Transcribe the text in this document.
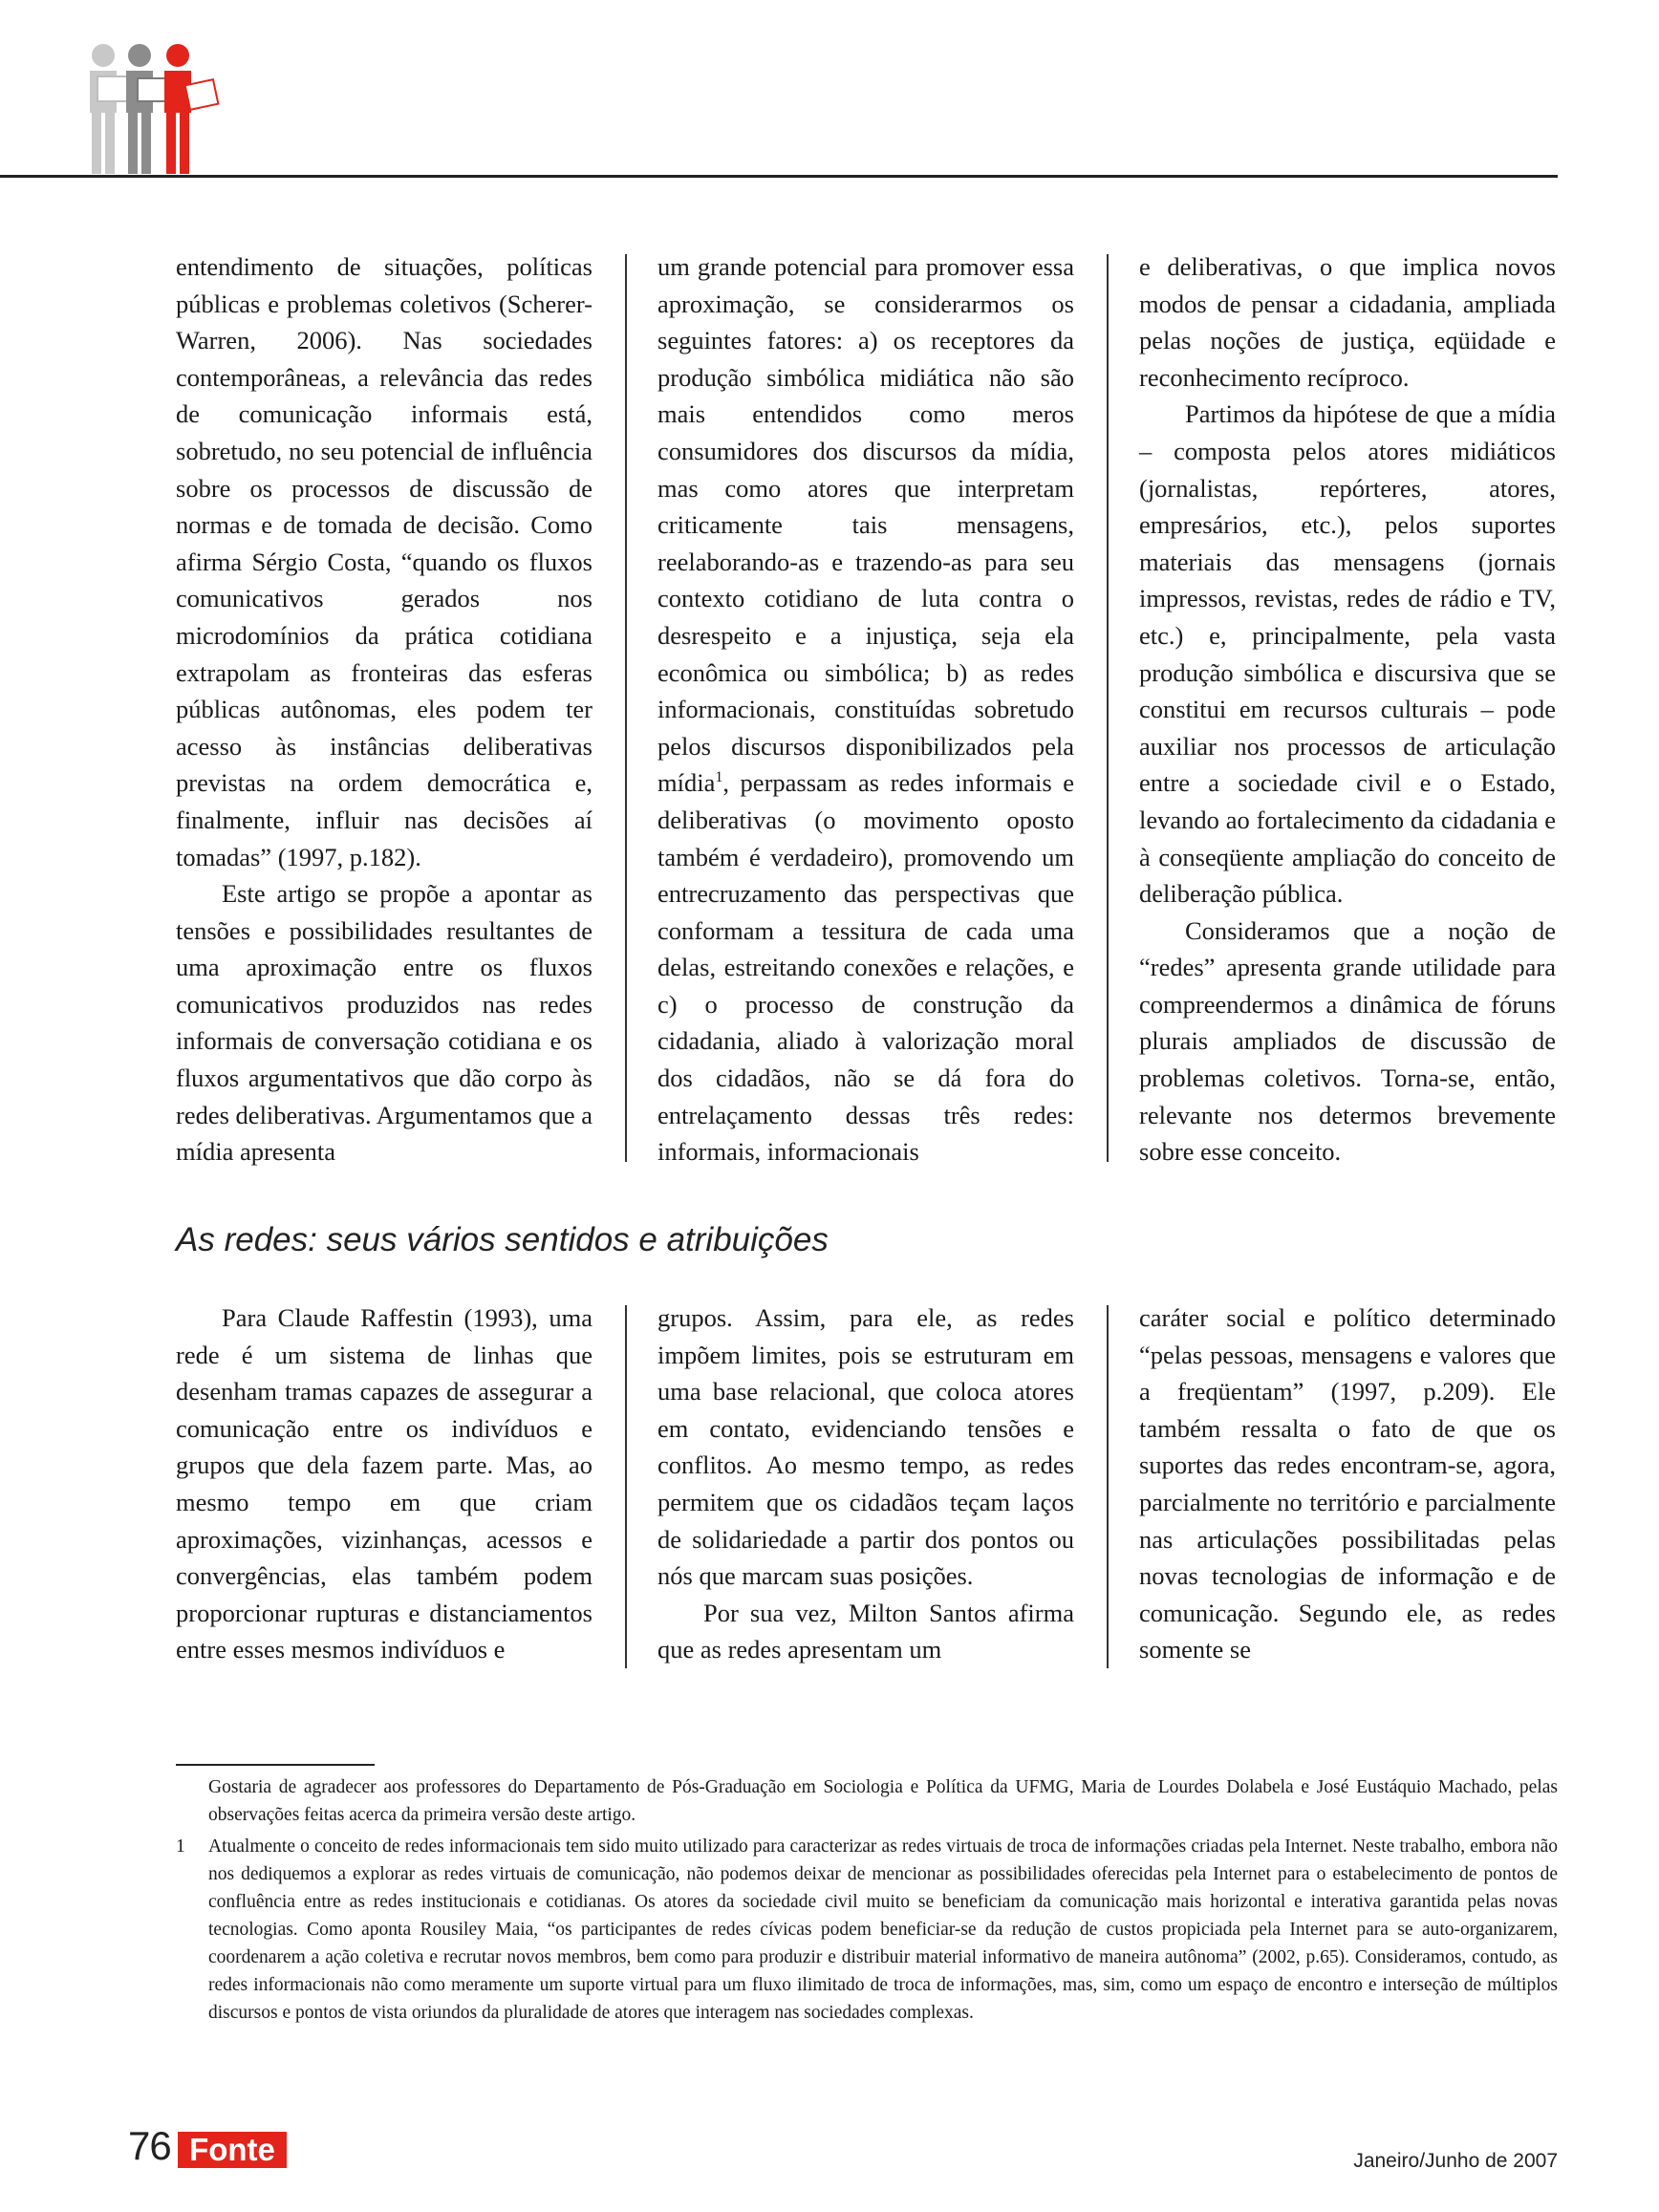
entendimento de situações, políticas públicas e problemas coletivos (Scherer-Warren, 2006). Nas sociedades contemporâneas, a relevância das redes de comunicação informais está, sobretudo, no seu potencial de influência sobre os processos de discussão de normas e de tomada de decisão. Como afirma Sérgio Costa, “quando os fluxos comunicativos gerados nos microdomínios da prática cotidiana extrapolam as fronteiras das esferas públicas autônomas, eles podem ter acesso às instâncias deliberativas previstas na ordem democrática e, finalmente, influir nas decisões aí tomadas” (1997, p.182).

Este artigo se propõe a apontar as tensões e possibilidades resultantes de uma aproximação entre os fluxos comunicativos produzidos nas redes informais de conversação cotidiana e os fluxos argumentativos que dão corpo às redes deliberativas. Argumentamos que a mídia apresenta

um grande potencial para promover essa aproximação, se considerarmos os seguintes fatores: a) os receptores da produção simbólica midiática não são mais entendidos como meros consumidores dos discursos da mídia, mas como atores que interpretam criticamente tais mensagens, reelaborando-as e trazendo-as para seu contexto cotidiano de luta contra o desrespeito e a injustiça, seja ela econômica ou simbólica; b) as redes informacionais, constituídas sobretudo pelos discursos disponibilizados pela mídia$^1$, perpassam as redes informais e deliberativas (o movimento oposto também é verdadeiro), promovendo um entrecruzamento das perspectivas que conformam a tessitura de cada uma delas, estreitando conexões e relações, e c) o processo de construção da cidadania, aliado à valorização moral dos cidadãos, não se dá fora do entrelaçamento dessas três redes: informais, informacionais

e deliberativas, o que implica novos modos de pensar a cidadania, ampliada pelas noções de justiça, eqüidade e reconhecimento recíproco.

Partimos da hipótese de que a mídia – composta pelos atores midiáticos (jornalistas, repórteres, atores, empresários, etc.), pelos suportes materiais das mensagens (jornais impressos, revistas, redes de rádio e TV, etc.) e, principalmente, pela vasta produção simbólica e discursiva que se constitui em recursos culturais – pode auxiliar nos processos de articulação entre a sociedade civil e o Estado, levando ao fortalecimento da cidadania e à conseqüente ampliação do conceito de deliberação pública.

Consideramos que a noção de “redes” apresenta grande utilidade para compreendermos a dinâmica de fóruns plurais ampliados de discussão de problemas coletivos. Torna-se, então, relevante nos determos brevemente sobre esse conceito.

As redes: seus vários sentidos e atribuições

Para Claude Raffestin (1993), uma rede é um sistema de linhas que desenham tramas capazes de assegurar a comunicação entre os indivíduos e grupos que dela fazem parte. Mas, ao mesmo tempo em que criam aproximações, vizinhanças, acessos e convergências, elas também podem proporcionar rupturas e distanciamentos entre esses mesmos indivíduos e

grupos. Assim, para ele, as redes impõem limites, pois se estruturam em uma base relacional, que coloca atores em contato, evidenciando tensões e conflitos. Ao mesmo tempo, as redes permitem que os cidadãos teçam laços de solidariedade a partir dos pontos ou nós que marcam suas posições.

Por sua vez, Milton Santos afirma que as redes apresentam um

caráter social e político determinado “pelas pessoas, mensagens e valores que a freqüentam” (1997, p.209). Ele também ressalta o fato de que os suportes das redes encontram-se, agora, parcialmente no território e parcialmente nas articulações possibilitadas pelas novas tecnologias de informação e de comunicação. Segundo ele, as redes somente se

Gostaria de agradecer aos professores do Departamento de Pós-Graduação em Sociologia e Política da UFMG, Maria de Lourdes Dolabela e José Eustáquio Machado, pelas observações feitas acerca da primeira versão deste artigo.

1 Atualmente o conceito de redes informacionais tem sido muito utilizado para caracterizar as redes virtuais de troca de informações criadas pela Internet. Neste trabalho, embora não nos dediquemos a explorar as redes virtuais de comunicação, não podemos deixar de mencionar as possibilidades oferecidas pela Internet para o estabelecimento de pontos de confluência entre as redes institucionais e cotidianas. Os atores da sociedade civil muito se beneficiam da comunicação mais horizontal e interativa garantida pelas novas tecnologias. Como aponta Rousiley Maia, “os participantes de redes cívicas podem beneficiar-se da redução de custos propiciada pela Internet para se auto-organizarem, coordenarem a ação coletiva e recrutar novos membros, bem como para produzir e distribuir material informativo de maneira autônoma” (2002, p.65). Consideramos, contudo, as redes informacionais não como meramente um suporte virtual para um fluxo ilimitado de troca de informações, mas, sim, como um espaço de encontro e interseção de múltiplos discursos e pontos de vista oriundos da pluralidade de atores que interagem nas sociedades complexas.

76 Fonte	Janeiro/Junho de 2007
